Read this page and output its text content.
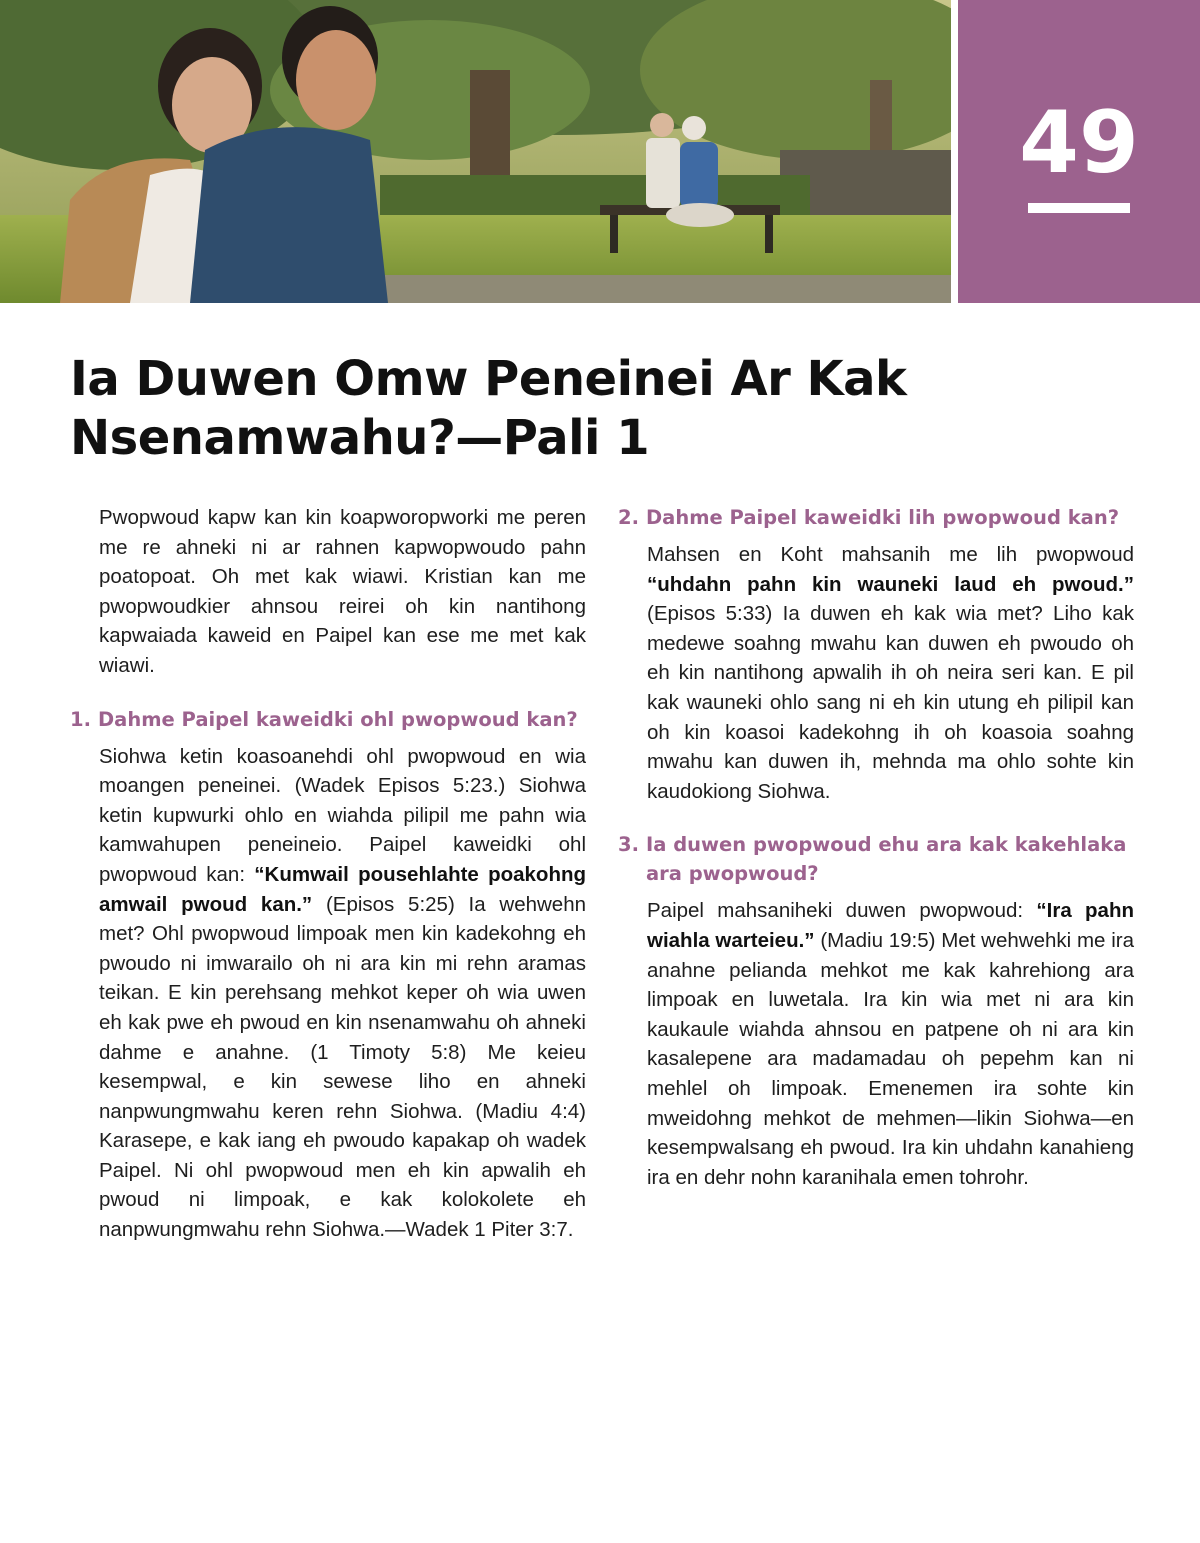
49
Ia Duwen Omw Peneinei Ar Kak Nsenamwahu?—Pali 1

Pwopwoud kapw kan kin koapworopworki me peren me re ahneki ni ar rahnen kapwopwoudo pahn poatopoat. Oh met kak wiawi. Kristian kan me pwopwoudkier ahnsou reirei oh kin nantihong kapwaiada kaweid en Paipel kan ese me met kak wiawi.

1. Dahme Paipel kaweidki ohl pwopwoud kan?

Siohwa ketin koasoanehdi ohl pwopwoud en wia moangen peneinei. (Wadek Episos 5:23.) Siohwa ketin kupwurki ohlo en wiahda pilipil me pahn wia kamwahupen peneineio. Paipel kaweidki ohl pwopwoud kan: “Kumwail pousehlahte poakohng amwail pwoud kan.” (Episos 5:25) Ia wehwehn met? Ohl pwopwoud limpoak men kin kadekohng eh pwoudo ni imwarailo oh ni ara kin mi rehn aramas teikan. E kin perehsang mehkot keper oh wia uwen eh kak pwe eh pwoud en kin nsenamwahu oh ahneki dahme e anahne. (1 Timoty 5:8) Me keieu kesempwal, e kin sewese liho en ahneki nanpwungmwahu keren rehn Siohwa. (Madiu 4:4) Karasepe, e kak iang eh pwoudo kapakap oh wadek Paipel. Ni ohl pwopwoud men eh kin apwalih eh pwoud ni limpoak, e kak kolokolete eh nanpwungmwahu rehn Siohwa.—Wadek 1 Piter 3:7.

2. Dahme Paipel kaweidki lih pwopwoud kan?

Mahsen en Koht mahsanih me lih pwopwoud “uhdahn pahn kin wauneki laud eh pwoud.” (Episos 5:33) Ia duwen eh kak wia met? Liho kak medewe soahng mwahu kan duwen eh pwoudo oh eh kin nantihong apwalih ih oh neira seri kan. E pil kak wauneki ohlo sang ni eh kin utung eh pilipil kan oh kin koasoi kadekohng ih oh koasoia soahng mwahu kan duwen ih, mehnda ma ohlo sohte kin kaudokiong Siohwa.

3. Ia duwen pwopwoud ehu ara kak kakehlaka ara pwopwoud?

Paipel mahsaniheki duwen pwopwoud: “Ira pahn wiahla warteieu.” (Madiu 19:5) Met wehwehki me ira anahne pelianda mehkot me kak kahrehiong ara limpoak en luwetala. Ira kin wia met ni ara kin kaukaule wiahda ahnsou en patpene oh ni ara kin kasalepene ara madamadau oh pepehm kan ni mehlel oh limpoak. Emenemen ira sohte kin mweidohng mehkot de mehmen—likin Siohwa—en kesempwalsang eh pwoud. Ira kin uhdahn kanahieng ira en dehr nohn karanihala emen tohrohr.
